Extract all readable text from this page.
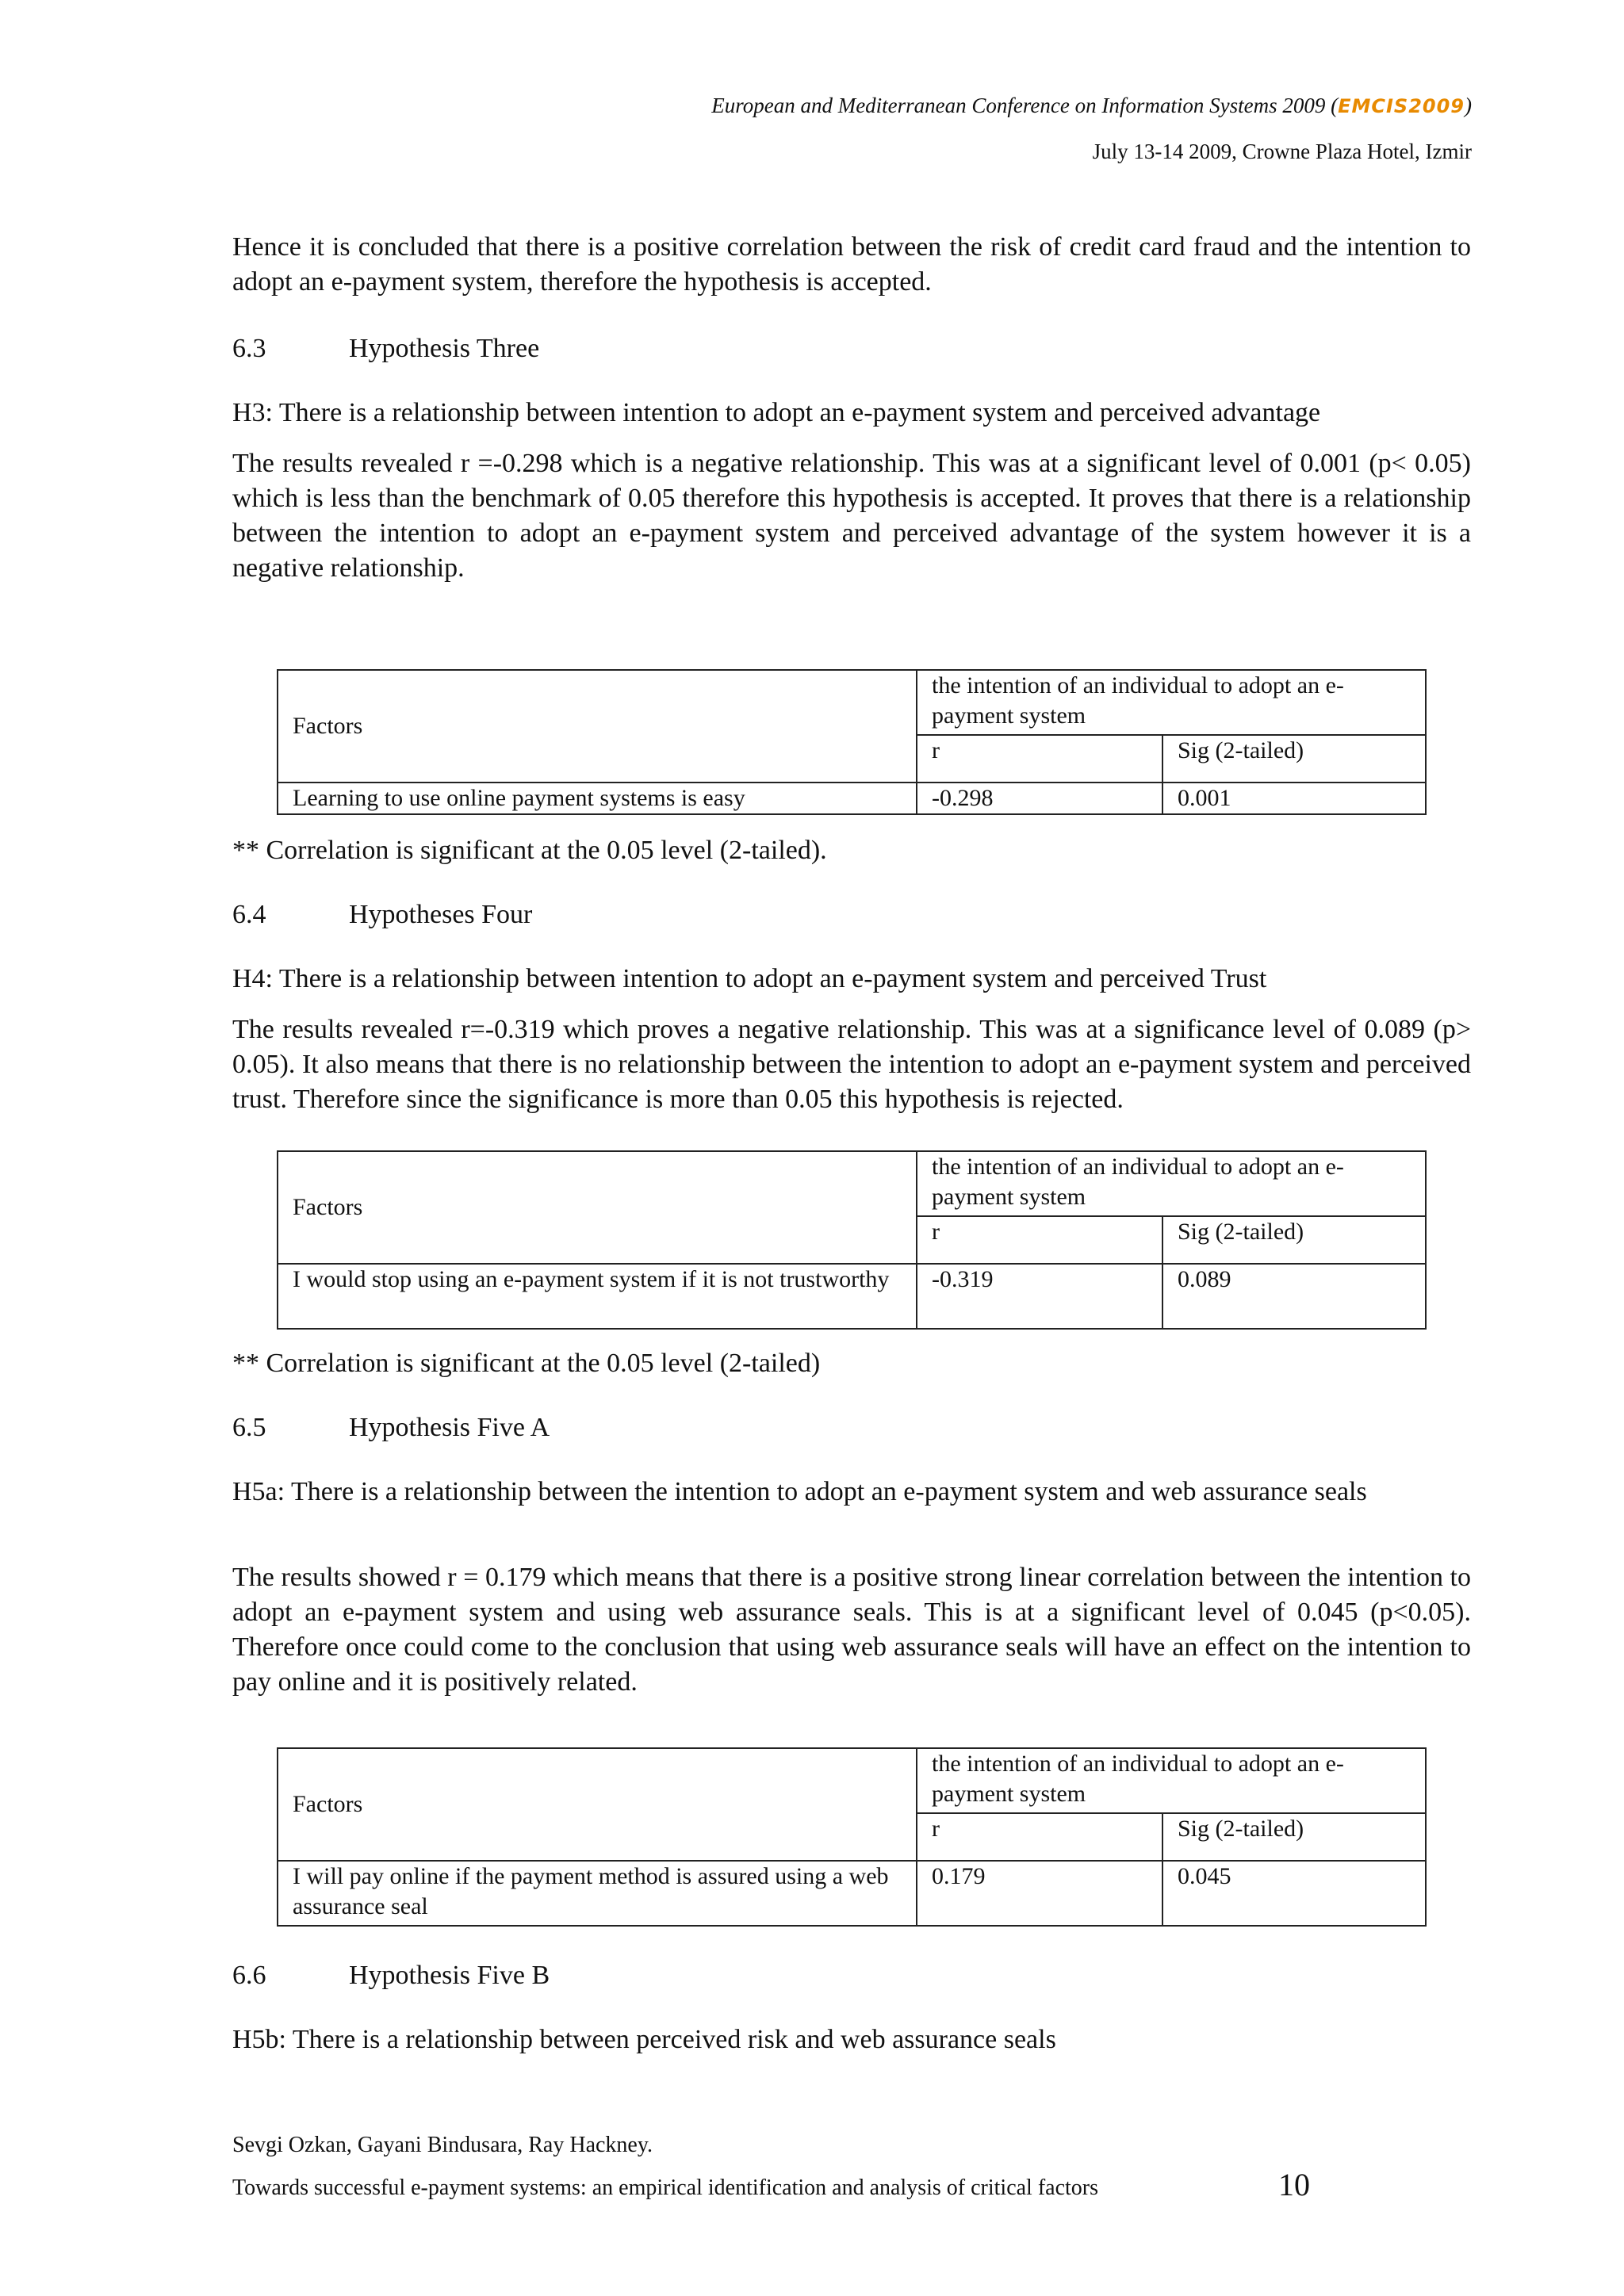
European and Mediterranean Conference on Information Systems 2009 (EMCIS2009)
July 13-14 2009, Crowne Plaza Hotel, Izmir
Hence it is concluded that there is a positive correlation between the risk of credit card fraud and the intention to adopt an e-payment system, therefore the hypothesis is accepted.
6.3	Hypothesis Three
H3: There is a relationship between intention to adopt an e-payment system and perceived advantage
The results revealed r =-0.298 which is a negative relationship. This was at a significant level of 0.001 (p< 0.05) which is less than the benchmark of 0.05 therefore this hypothesis is accepted. It proves that there is a relationship between the intention to adopt an e-payment system and perceived advantage of the system however it is a negative relationship.
Factors	the intention of an individual to adopt an e-payment system	
	r	Sig (2-tailed)
Learning to use online payment systems is easy	-0.298	0.001
** Correlation is significant at the 0.05 level (2-tailed).
6.4	Hypotheses Four
H4: There is a relationship between intention to adopt an e-payment system and perceived Trust
The results revealed r=-0.319 which proves a negative relationship. This was at a significance level of 0.089 (p> 0.05). It also means that there is no relationship between the intention to adopt an e-payment system and perceived trust. Therefore since the significance is more than 0.05 this hypothesis is rejected.
Factors	the intention of an individual to adopt an e-payment system	
	r	Sig (2-tailed)
I would stop using an e-payment system if it is not trustworthy	-0.319	0.089
** Correlation is significant at the 0.05 level (2-tailed)
6.5	Hypothesis Five A
H5a: There is a relationship between the intention to adopt an e-payment system and web assurance seals
The results showed r = 0.179 which means that there is a positive strong linear correlation between the intention to adopt an e-payment system and using web assurance seals. This is at a significant level of 0.045 (p<0.05). Therefore once could come to the conclusion that using web assurance seals will have an effect on the intention to pay online and it is positively related.
Factors	the intention of an individual to adopt an e-payment system	
	r	Sig (2-tailed)
I will pay online if the payment method is assured using a web assurance seal	0.179	0.045
6.6	Hypothesis Five B
H5b: There is a relationship between perceived risk and web assurance seals
Sevgi Ozkan, Gayani Bindusara, Ray Hackney.
Towards successful e-payment systems: an empirical identification and analysis of critical factors	10
